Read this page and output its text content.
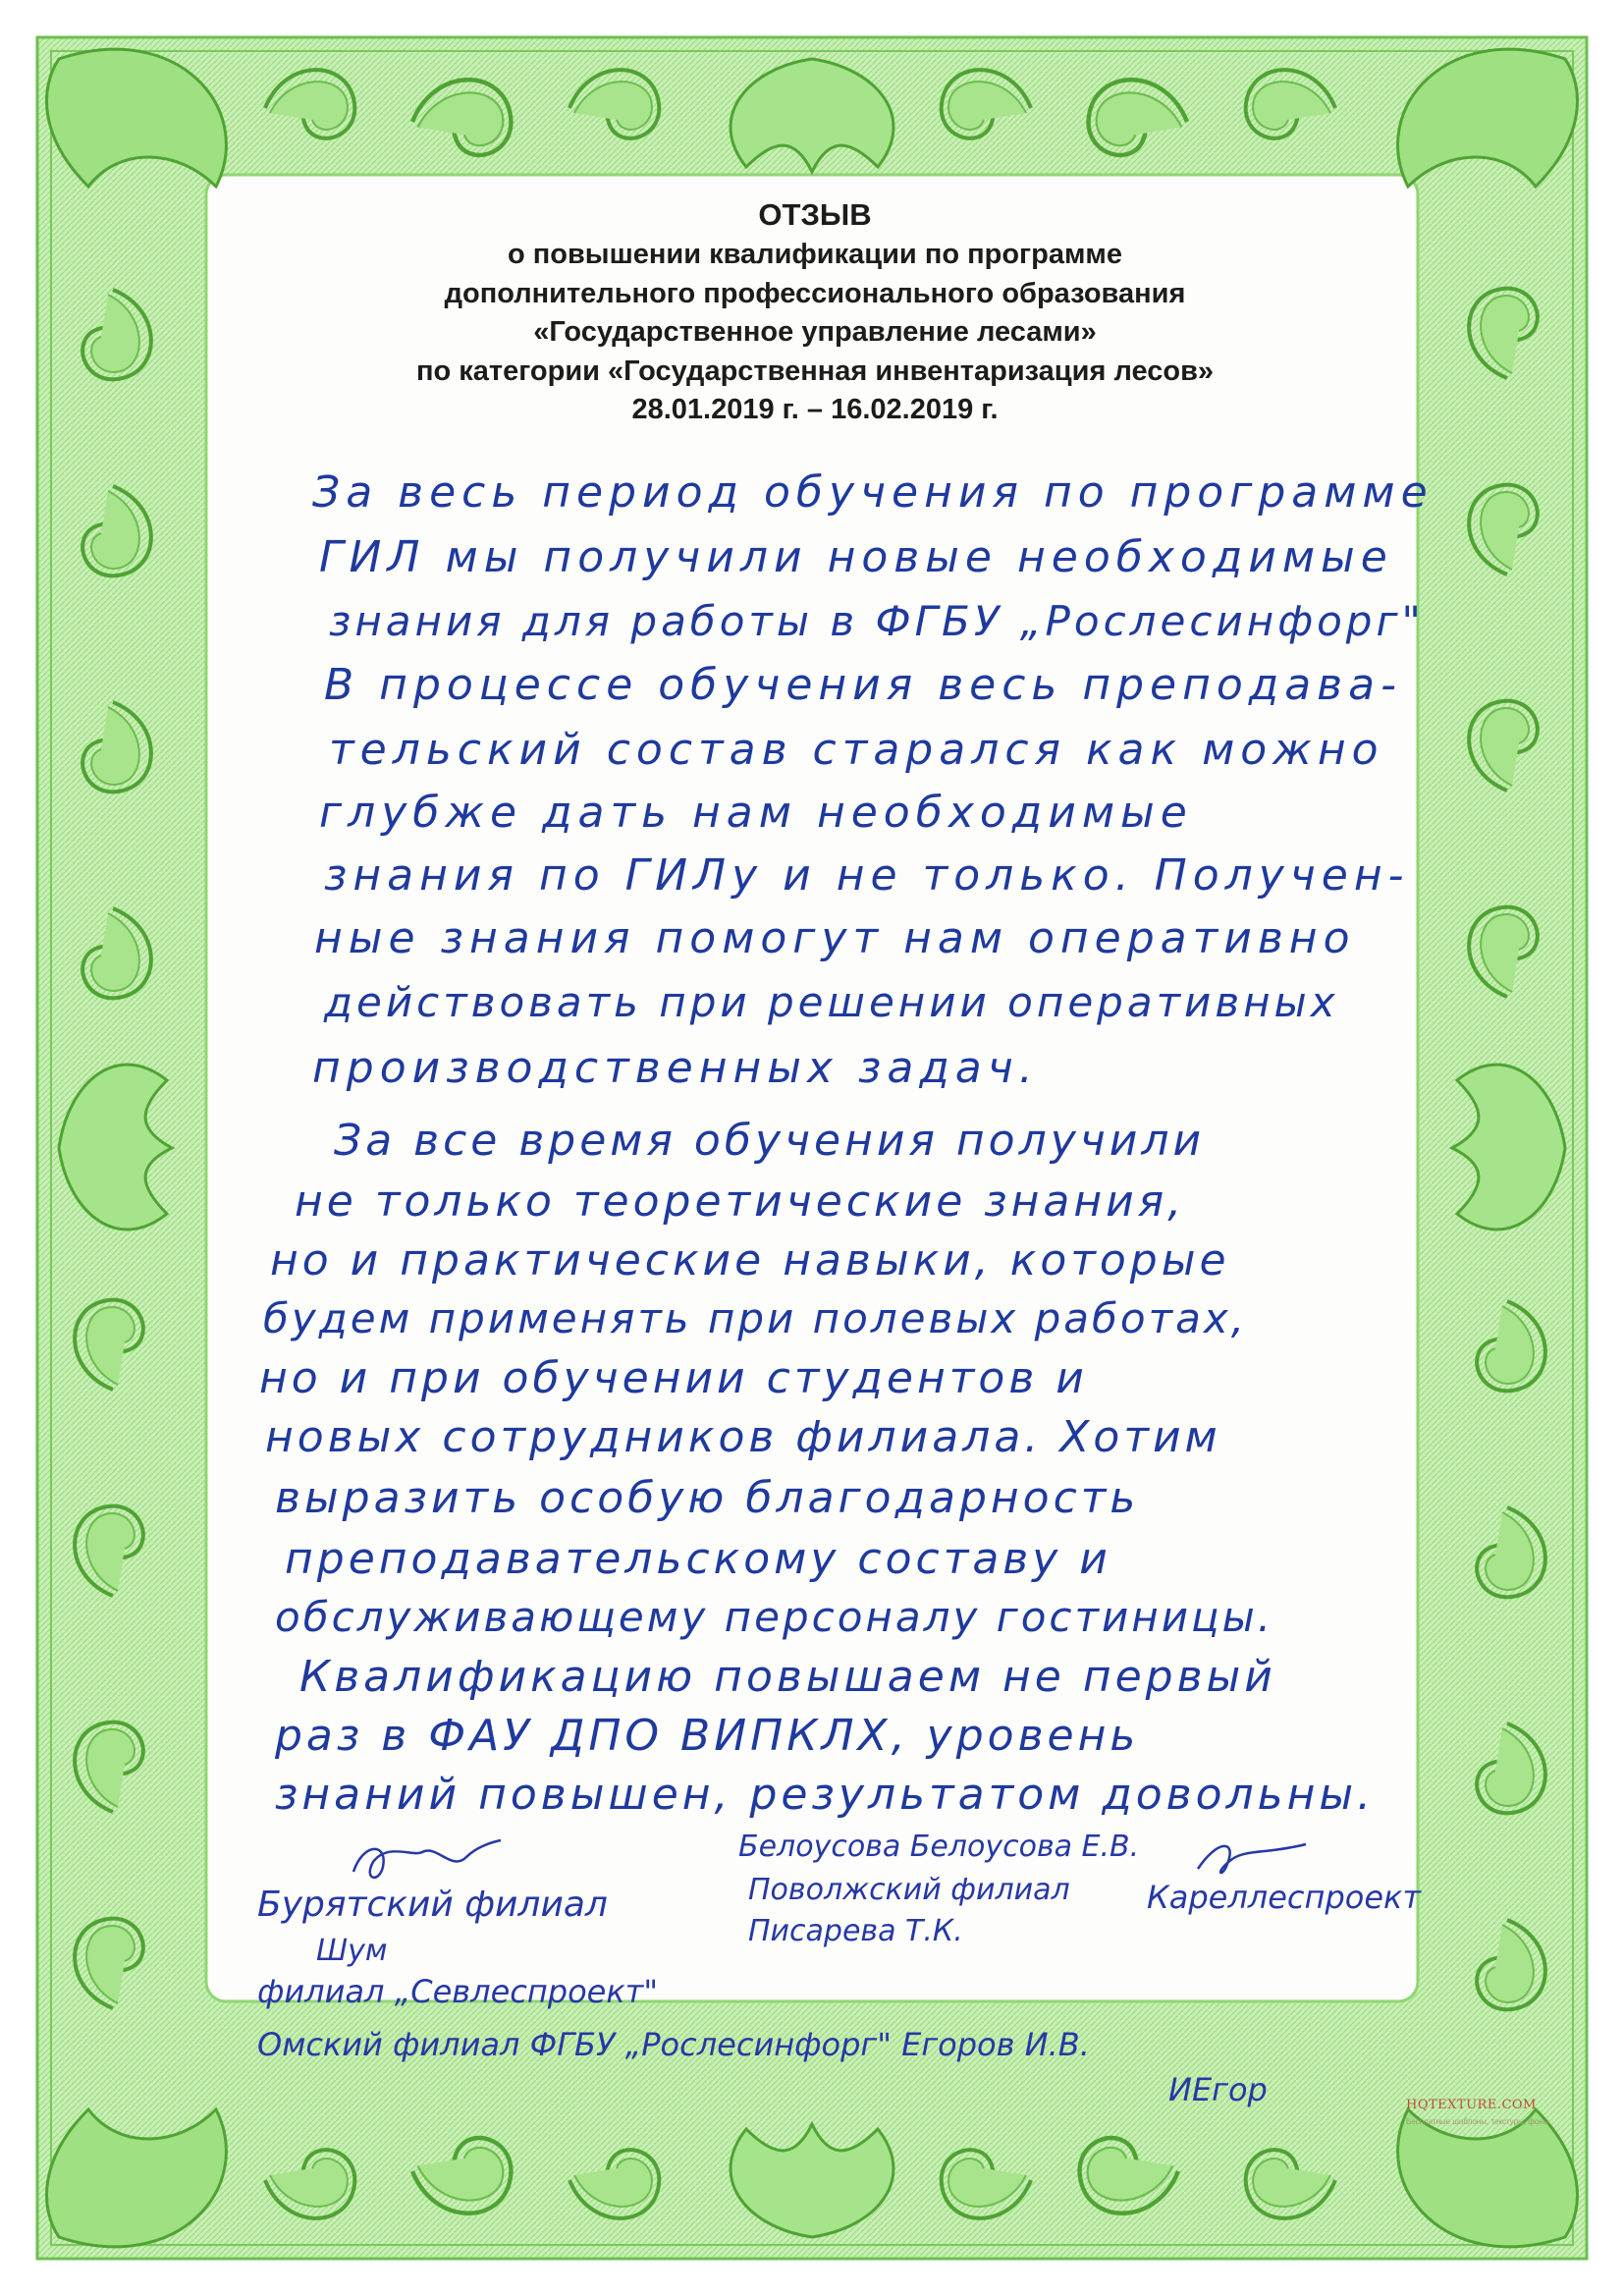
ОТЗЫВ
о повышении квалификации по программе
дополнительного профессионального образования
«Государственное управление лесами»
по категории «Государственная инвентаризация лесов»
28.01.2019 г. – 16.02.2019 г.
За весь период обучения по программе
ГИЛ мы получили новые необходимые
знания для работы в ФГБУ „Рослесинфорг"
В процессе обучения весь преподава-
тельский состав старался как можно
глубже дать нам необходимые
знания по ГИЛу и не только. Получен-
ные знания помогут нам оперативно
действовать при решении оперативных
производственных задач.
За все время обучения получили
не только теоретические знания,
но и практические навыки, которые
будем применять при полевых работах,
но и при обучении студентов и
новых сотрудников филиала. Хотим
выразить особую благодарность
преподавательскому составу и
обслуживающему персоналу гостиницы.
Квалификацию повышаем не первый
раз в ФАУ ДПО ВИПКЛХ, уровень
знаний повышен, результатом довольны.
Бурятский филиал
Белоусова Белоусова Е.В.
Поволжский филиал
Писарева Т.К.
Кареллеспроект
Шум
филиал „Севлеспроект"
Омский филиал ФГБУ „Рослесинфорг" Егоров И.В.
ИЕгор	HQTEXTURE.COM
Бесплатные шаблоны, текстуры, фоны
